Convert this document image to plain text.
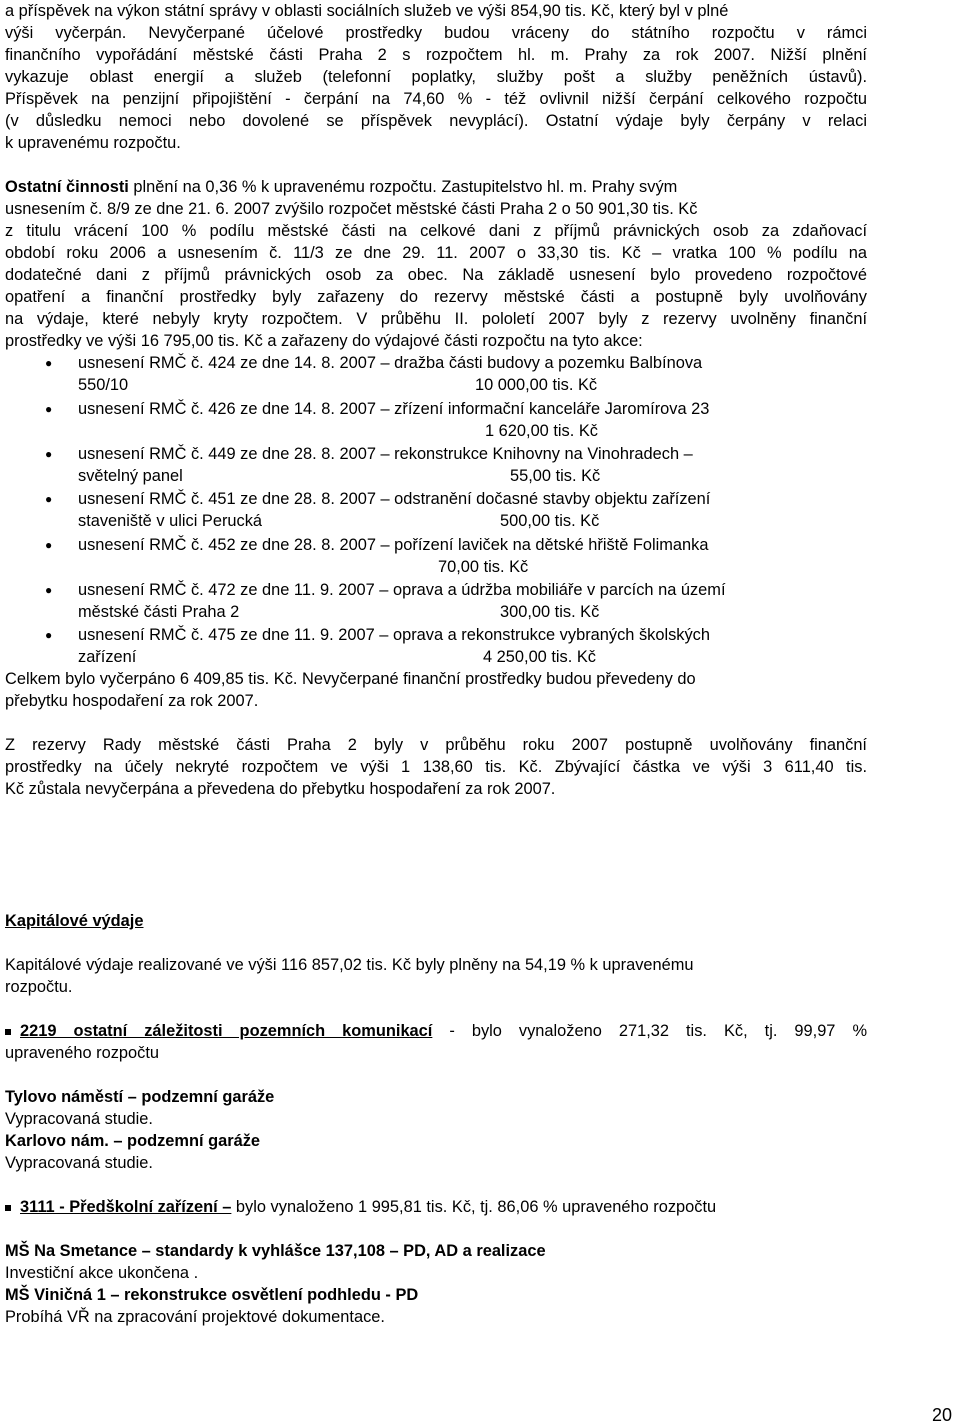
a příspěvek na výkon státní správy v oblasti sociálních služeb ve výši 854,90 tis. Kč, který byl v plné
výši vyčerpán. Nevyčerpané účelové prostředky budou vráceny do státního rozpočtu v rámci
finančního vypořádání městské části Praha 2 s rozpočtem hl. m. Prahy za rok 2007. Nižší plnění
vykazuje oblast energií a služeb (telefonní poplatky, služby pošt a služby peněžních ústavů).
Příspěvek na penzijní připojištění - čerpání na 74,60 % - též ovlivnil nižší čerpání celkového rozpočtu
(v důsledku nemoci nebo dovolené se příspěvek nevyplácí). Ostatní výdaje byly čerpány v relaci
k upravenému rozpočtu.
Ostatní činnosti plnění na 0,36 % k upravenému rozpočtu. Zastupitelstvo hl. m. Prahy svým
usnesením č. 8/9 ze dne 21. 6. 2007 zvýšilo rozpočet městské části Praha 2 o 50 901,30 tis. Kč
z titulu vrácení 100 % podílu městské části na celkové dani z příjmů právnických osob za zdaňovací
období roku 2006 a usnesením č. 11/3 ze dne 29. 11. 2007 o 33,30 tis. Kč – vratka 100 % podílu na
dodatečné dani z příjmů právnických osob za obec. Na základě usnesení bylo provedeno rozpočtové
opatření a finanční prostředky byly zařazeny do rezervy městské části a postupně byly uvolňovány
na výdaje, které nebyly kryty rozpočtem. V průběhu II. pololetí 2007 byly z rezervy uvolněny finanční
prostředky ve výši 16 795,00 tis. Kč a zařazeny do výdajové části rozpočtu na tyto akce:
● usnesení RMČ č. 424 ze dne 14. 8. 2007 – dražba části budovy a pozemku Balbínova
550/10	10 000,00 tis. Kč
● usnesení RMČ č. 426 ze dne 14. 8. 2007 – zřízení informační kanceláře Jaromírova 23
1 620,00 tis. Kč
● usnesení RMČ č. 449 ze dne 28. 8. 2007 – rekonstrukce Knihovny na Vinohradech –
světelný panel	55,00 tis. Kč
● usnesení RMČ č. 451 ze dne 28. 8. 2007 – odstranění dočasné stavby objektu zařízení
staveniště v ulici Perucká	500,00 tis. Kč
● usnesení RMČ č. 452 ze dne 28. 8. 2007 – pořízení laviček na dětské hřiště Folimanka
70,00 tis. Kč
● usnesení RMČ č. 472 ze dne 11. 9. 2007 – oprava a údržba mobiliáře v parcích na území
městské části Praha 2	300,00 tis. Kč
● usnesení RMČ č. 475 ze dne 11. 9. 2007 – oprava a rekonstrukce vybraných školských
zařízení	4 250,00 tis. Kč
Celkem bylo vyčerpáno 6 409,85 tis. Kč. Nevyčerpané finanční prostředky budou převedeny do
přebytku hospodaření za rok 2007.
Z rezervy Rady městské části Praha 2 byly v průběhu roku 2007 postupně uvolňovány finanční
prostředky na účely nekryté rozpočtem ve výši 1 138,60 tis. Kč. Zbývající částka ve výši 3 611,40 tis.
Kč zůstala nevyčerpána a převedena do přebytku hospodaření za rok 2007.
Kapitálové výdaje
Kapitálové výdaje realizované ve výši 116 857,02 tis. Kč byly plněny na 54,19 % k upravenému
rozpočtu.
2219 ostatní záležitosti pozemních komunikací - bylo vynaloženo 271,32 tis. Kč, tj. 99,97 %
upraveného rozpočtu
Tylovo náměstí – podzemní garáže
Vypracovaná studie.
Karlovo nám. – podzemní garáže
Vypracovaná studie.
3111 - Předškolní zařízení – bylo vynaloženo 1 995,81 tis. Kč, tj. 86,06 % upraveného rozpočtu
MŠ Na Smetance – standardy k vyhlášce 137,108 – PD, AD a realizace
Investiční akce ukončena .
MŠ Viničná 1 – rekonstrukce osvětlení podhledu - PD
Probíhá VŘ na zpracování projektové dokumentace.
20
